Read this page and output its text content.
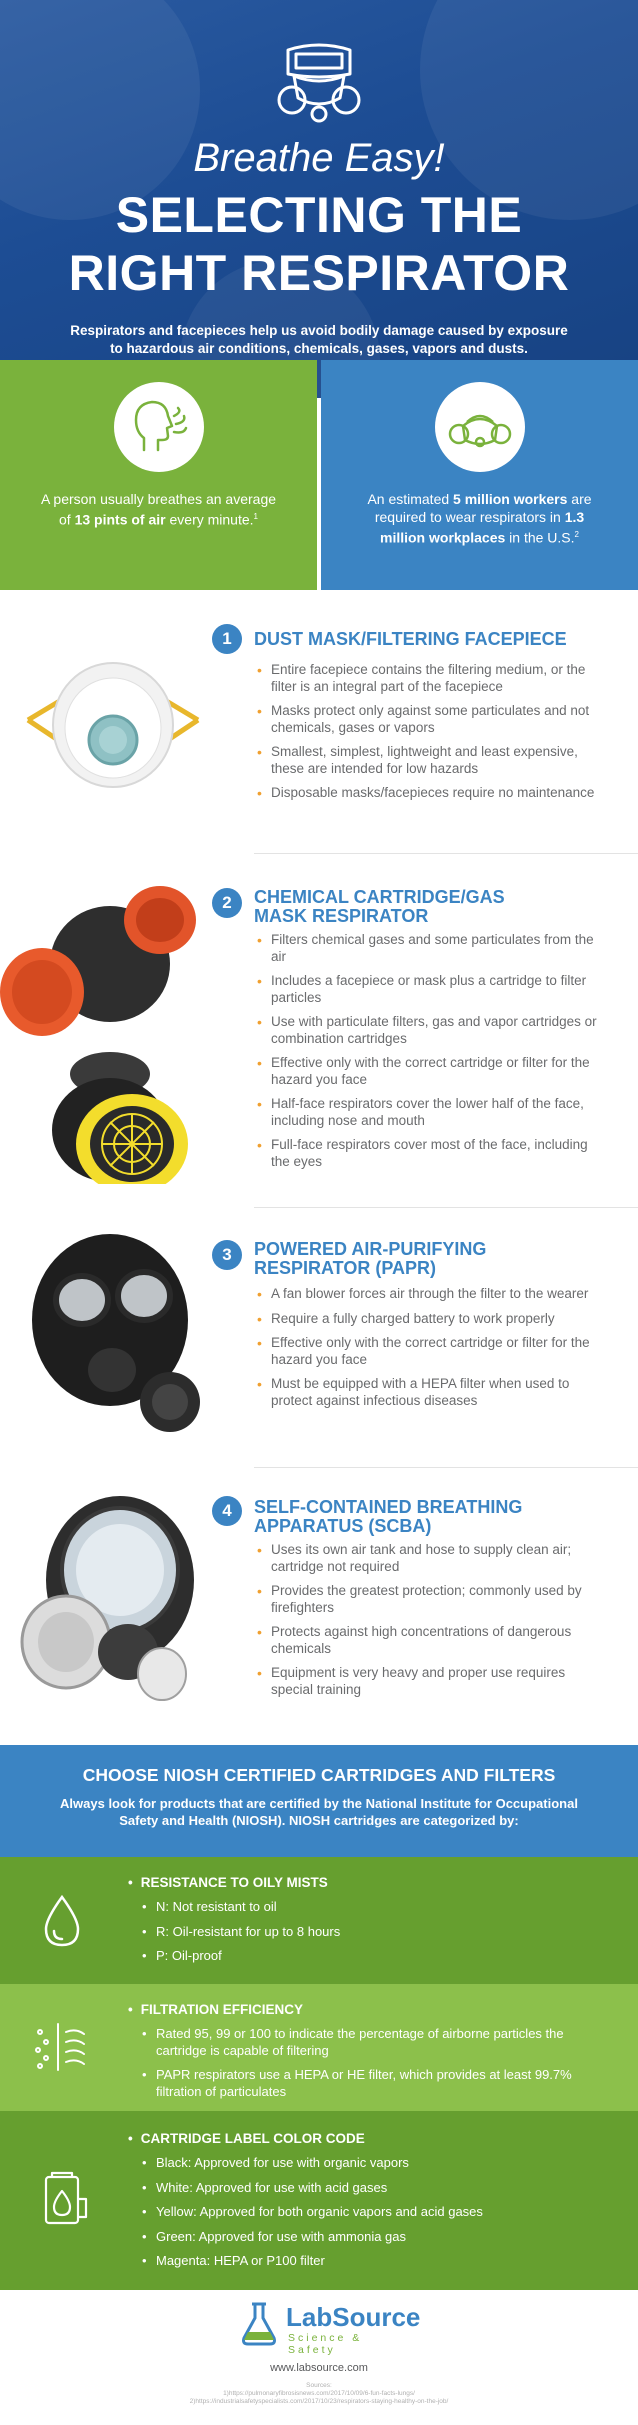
Breathe Easy!
SELECTING THE
RIGHT RESPIRATOR
Respirators and facepieces help us avoid bodily damage caused by exposure to hazardous air conditions, chemicals, gases, vapors and dusts.
A person usually breathes an average of 13 pints of air every minute.$^1$
An estimated 5 million workers are required to wear respirators in 1.3 million workplaces in the U.S.$^2$
1	DUST MASK/FILTERING FACEPIECE
• Entire facepiece contains the filtering medium, or the filter is an integral part of the facepiece
• Masks protect only against some particulates and not chemicals, gases or vapors
• Smallest, simplest, lightweight and least expensive, these are intended for low hazards
• Disposable masks/facepieces require no maintenance
2	CHEMICAL CARTRIDGE/GAS MASK RESPIRATOR
• Filters chemical gases and some particulates from the air
• Includes a facepiece or mask plus a cartridge to filter particles
• Use with particulate filters, gas and vapor cartridges or combination cartridges
• Effective only with the correct cartridge or filter for the hazard you face
• Half-face respirators cover the lower half of the face, including nose and mouth
• Full-face respirators cover most of the face, including the eyes
3	POWERED AIR-PURIFYING RESPIRATOR (PAPR)
• A fan blower forces air through the filter to the wearer
• Require a fully charged battery to work properly
• Effective only with the correct cartridge or filter for the hazard you face
• Must be equipped with a HEPA filter when used to protect against infectious diseases
4	SELF-CONTAINED BREATHING APPARATUS (SCBA)
• Uses its own air tank and hose to supply clean air; cartridge not required
• Provides the greatest protection; commonly used by firefighters
• Protects against high concentrations of dangerous chemicals
• Equipment is very heavy and proper use requires special training
CHOOSE NIOSH CERTIFIED CARTRIDGES AND FILTERS
Always look for products that are certified by the National Institute for Occupational Safety and Health (NIOSH). NIOSH cartridges are categorized by:
• RESISTANCE TO OILY MISTS
• N: Not resistant to oil
• R: Oil-resistant for up to 8 hours
• P: Oil-proof
• FILTRATION EFFICIENCY
• Rated 95, 99 or 100 to indicate the percentage of airborne particles the cartridge is capable of filtering
• PAPR respirators use a HEPA or HE filter, which provides at least 99.7% filtration of particulates
• CARTRIDGE LABEL COLOR CODE
• Black: Approved for use with organic vapors
• White: Approved for use with acid gases
• Yellow: Approved for both organic vapors and acid gases
• Green: Approved for use with ammonia gas
• Magenta: HEPA or P100 filter
LabSource
Science & Safety
www.labsource.com
Sources:
1)https://pulmonaryfibrosisnews.com/2017/10/09/6-fun-facts-lungs/
2)https://industrialsafetyspecialists.com/2017/10/23/respirators-staying-healthy-on-the-job/
